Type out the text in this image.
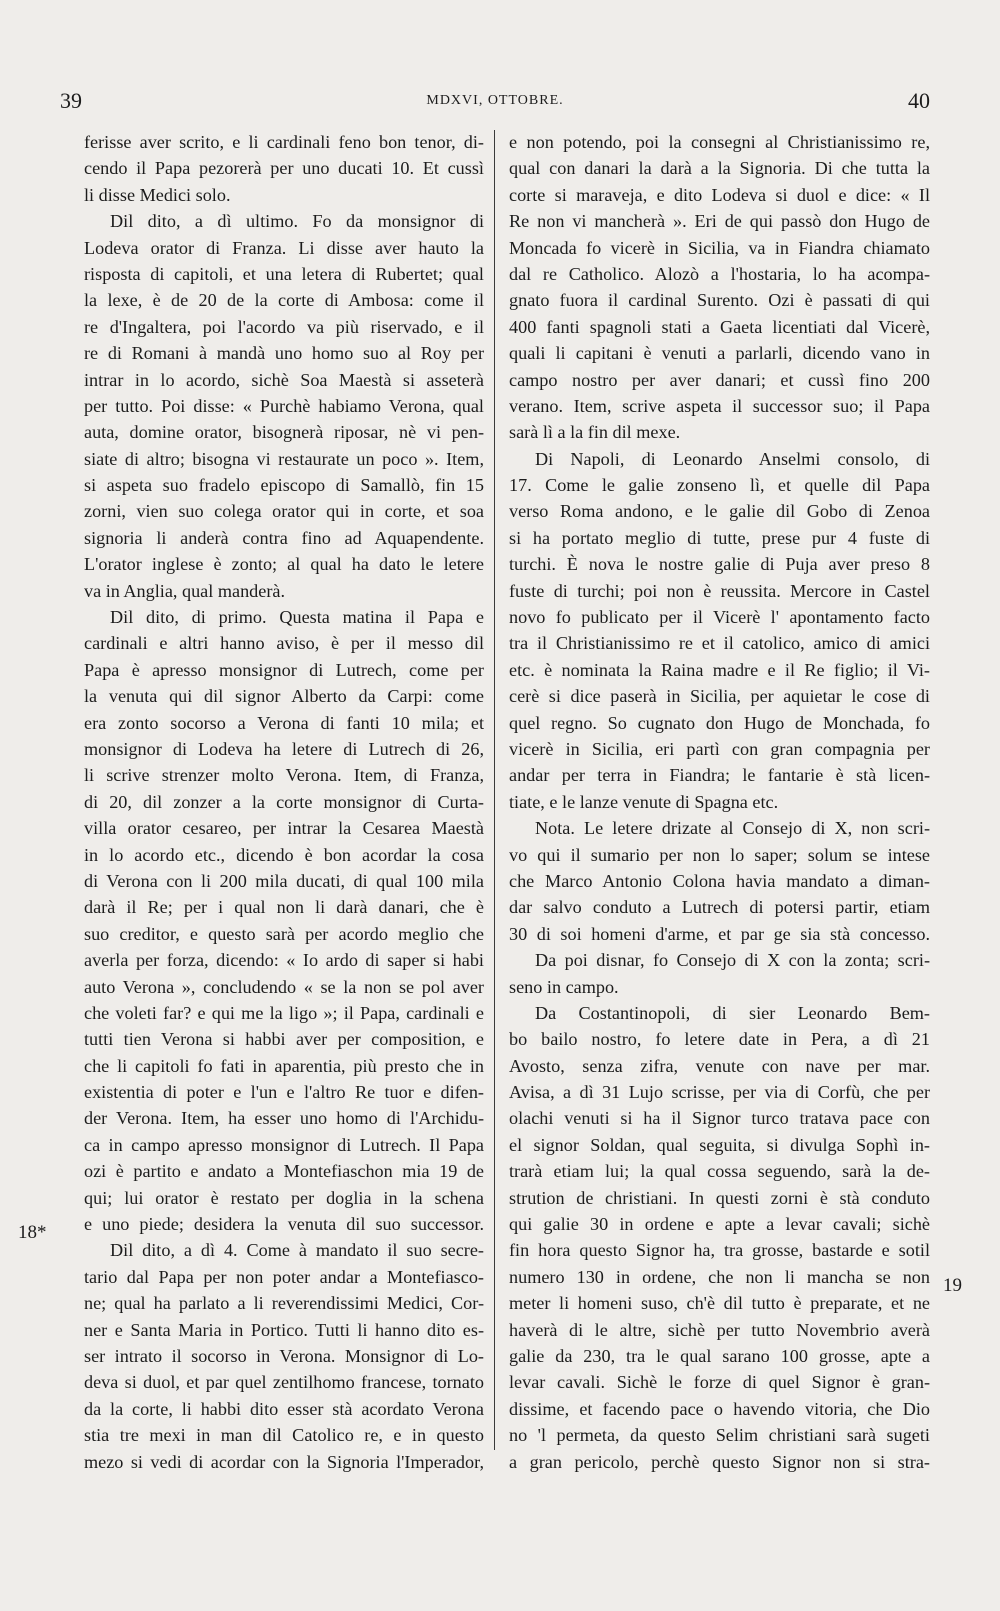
39	MDXVI, OTTOBRE.	40
ferisse aver scrito, e li cardinali feno bon tenor, di-
cendo il Papa pezorerà per uno ducati 10. Et cussì
li disse Medici solo.
Dil dito, a dì ultimo. Fo da monsignor di
Lodeva orator di Franza. Li disse aver hauto la
risposta di capitoli, et una letera di Rubertet; qual
la lexe, è de 20 de la corte di Ambosa: come il
re d'Ingaltera, poi l'acordo va più riservado, e il
re di Romani à mandà uno homo suo al Roy per
intrar in lo acordo, sichè Soa Maestà si asseterà
per tutto. Poi disse: « Purchè habiamo Verona, qual
auta, domine orator, bisognerà riposar, nè vi pen-
siate di altro; bisogna vi restaurate un poco ». Item,
si aspeta suo fradelo episcopo di Samallò, fin 15
zorni, vien suo colega orator qui in corte, et soa
signoria li anderà contra fino ad Aquapendente.
L'orator inglese è zonto; al qual ha dato le letere
va in Anglia, qual manderà.
Dil dito, di primo. Questa matina il Papa e
cardinali e altri hanno aviso, è per il messo dil
Papa è apresso monsignor di Lutrech, come per
la venuta qui dil signor Alberto da Carpi: come
era zonto socorso a Verona di fanti 10 mila; et
monsignor di Lodeva ha letere di Lutrech di 26,
li scrive strenzer molto Verona. Item, di Franza,
di 20, dil zonzer a la corte monsignor di Curta-
villa orator cesareo, per intrar la Cesarea Maestà
in lo acordo etc., dicendo è bon acordar la cosa
di Verona con li 200 mila ducati, di qual 100 mila
darà il Re; per i qual non li darà danari, che è
suo creditor, e questo sarà per acordo meglio che
averla per forza, dicendo: « Io ardo di saper si habi
auto Verona », concludendo « se la non se pol aver
che voleti far? e qui me la ligo »; il Papa, cardinali e
tutti tien Verona si habbi aver per composition, e
che li capitoli fo fati in aparentia, più presto che in
existentia di poter e l'un e l'altro Re tuor e difen-
der Verona. Item, ha esser uno homo di l'Archidu-
ca in campo apresso monsignor di Lutrech. Il Papa
ozi è partito e andato a Montefiaschon mia 19 de
qui; lui orator è restato per doglia in la schena
e uno piede; desidera la venuta dil suo successor.
Dil dito, a dì 4. Come à mandato il suo secre-
tario dal Papa per non poter andar a Montefiasco-
ne; qual ha parlato a li reverendissimi Medici, Cor-
ner e Santa Maria in Portico. Tutti li hanno dito es-
ser intrato il socorso in Verona. Monsignor di Lo-
deva si duol, et par quel zentilhomo francese, tornato
da la corte, li habbi dito esser stà acordato Verona
stia tre mexi in man dil Catolico re, e in questo
mezo si vedi di acordar con la Signoria l'Imperador,
e non potendo, poi la consegni al Christianissimo re,
qual con danari la darà a la Signoria. Di che tutta la
corte si maraveja, e dito Lodeva si duol e dice: « Il
Re non vi mancherà ». Eri de qui passò don Hugo de
Moncada fo vicerè in Sicilia, va in Fiandra chiamato
dal re Catholico. Alozò a l'hostaria, lo ha acompa-
gnato fuora il cardinal Surento. Ozi è passati di qui
400 fanti spagnoli stati a Gaeta licentiati dal Vicerè,
quali li capitani è venuti a parlarli, dicendo vano in
campo nostro per aver danari; et cussì fino 200
verano. Item, scrive aspeta il successor suo; il Papa
sarà lì a la fin dil mexe.
Di Napoli, di Leonardo Anselmi consolo, di
17. Come le galie zonseno lì, et quelle dil Papa
verso Roma andono, e le galie dil Gobo di Zenoa
si ha portato meglio di tutte, prese pur 4 fuste di
turchi. È nova le nostre galie di Puja aver preso 8
fuste di turchi; poi non è reussita. Mercore in Castel
novo fo publicato per il Vicerè l' apontamento facto
tra il Christianissimo re et il catolico, amico di amici
etc. è nominata la Raina madre e il Re figlio; il Vi-
cerè si dice paserà in Sicilia, per aquietar le cose di
quel regno. So cugnato don Hugo de Monchada, fo
vicerè in Sicilia, eri partì con gran compagnia per
andar per terra in Fiandra; le fantarie è stà licen-
tiate, e le lanze venute di Spagna etc.
Nota. Le letere drizate al Consejo di X, non scri-
vo qui il sumario per non lo saper; solum se intese
che Marco Antonio Colona havia mandato a diman-
dar salvo conduto a Lutrech di potersi partir, etiam
30 di soi homeni d'arme, et par ge sia stà concesso.
Da poi disnar, fo Consejo di X con la zonta; scri-
seno in campo.
Da Costantinopoli, di sier Leonardo Bem-
bo bailo nostro, fo letere date in Pera, a dì 21
Avosto, senza zifra, venute con nave per mar.
Avisa, a dì 31 Lujo scrisse, per via di Corfù, che per
olachi venuti si ha il Signor turco tratava pace con
el signor Soldan, qual seguita, si divulga Sophì in-
trarà etiam lui; la qual cossa seguendo, sarà la de-
strution de christiani. In questi zorni è stà conduto
qui galie 30 in ordene e apte a levar cavali; sichè
fin hora questo Signor ha, tra grosse, bastarde e sotil
numero 130 in ordene, che non li mancha se non
meter li homeni suso, ch'è dil tutto è preparate, et ne
haverà di le altre, sichè per tutto Novembrio averà
galie da 230, tra le qual sarano 100 grosse, apte a
levar cavali. Sichè le forze di quel Signor è gran-
dissime, et facendo pace o havendo vitoria, che Dio
no 'l permeta, da questo Selim christiani sarà sugeti
a gran pericolo, perchè questo Signor non si stra-
18*
19
